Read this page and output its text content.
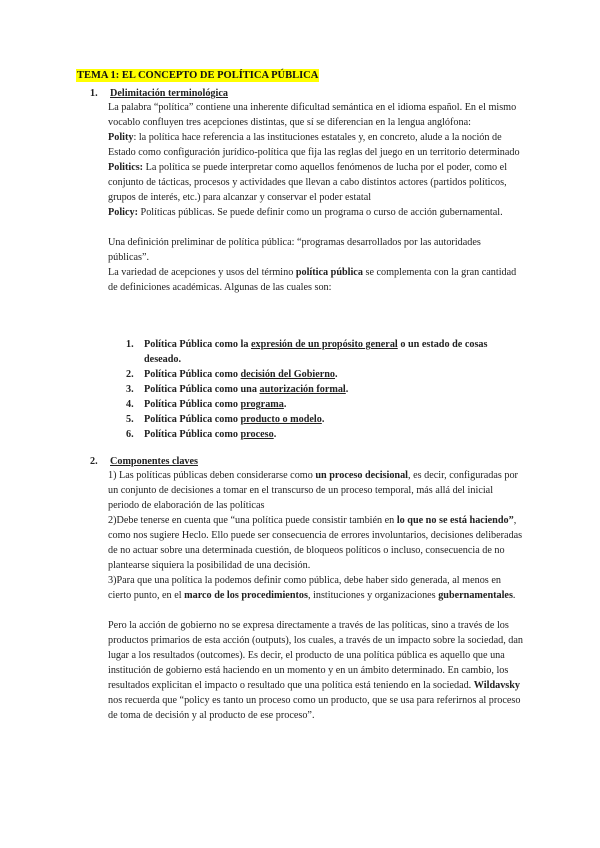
TEMA 1: EL CONCEPTO DE POLÍTICA PÚBLICA
1. Delimitación terminológica

La palabra “política” contiene una inherente dificultad semántica en el idioma español. En el mismo vocablo confluyen tres acepciones distintas, que sí se diferencian en la lengua anglófona:

Polity: la política hace referencia a las instituciones estatales y, en concreto, alude a la noción de Estado como configuración jurídico-política que fija las reglas del juego en un territorio determinado

Politics: La política se puede interpretar como aquellos fenómenos de lucha por el poder, como el conjunto de tácticas, procesos y actividades que llevan a cabo distintos actores (partidos políticos, grupos de interés, etc.) para alcanzar y conservar el poder estatal

Policy: Políticas públicas. Se puede definir como un programa o curso de acción gubernamental.

Una definición preliminar de política pública: “programas desarrollados por las autoridades públicas”.

La variedad de acepciones y usos del término política pública se complementa con la gran cantidad de definiciones académicas. Algunas de las cuales son:

1. Política Pública como la expresión de un propósito general o un estado de cosas deseado.
2. Política Pública como decisión del Gobierno.
3. Política Pública como una autorización formal.
4. Política Pública como programa.
5. Política Pública como producto o modelo.
6. Política Pública como proceso.
2. Componentes claves

1) Las políticas públicas deben considerarse como un proceso decisional, es decir, configuradas por un conjunto de decisiones a tomar en el transcurso de un proceso temporal, más allá del inicial periodo de elaboración de las políticas

2)Debe tenerse en cuenta que “una política puede consistir también en lo que no se está haciendo”, como nos sugiere Heclo. Ello puede ser consecuencia de errores involuntarios, decisiones deliberadas de no actuar sobre una determinada cuestión, de bloqueos políticos o incluso, consecuencia de no plantearse siquiera la posibilidad de una decisión.

3)Para que una política la podemos definir como pública, debe haber sido generada, al menos en cierto punto, en el marco de los procedimientos, instituciones y organizaciones gubernamentales.

Pero la acción de gobierno no se expresa directamente a través de las políticas, sino a través de los productos primarios de esta acción (outputs), los cuales, a través de un impacto sobre la sociedad, dan lugar a los resultados (outcomes). Es decir, el producto de una política pública es aquello que una institución de gobierno está haciendo en un momento y en un ámbito determinado. En cambio, los resultados explicitan el impacto o resultado que una política está teniendo en la sociedad. Wildavsky nos recuerda que “policy es tanto un proceso como un producto, que se usa para referirnos al proceso de toma de decisión y al producto de ese proceso”.
